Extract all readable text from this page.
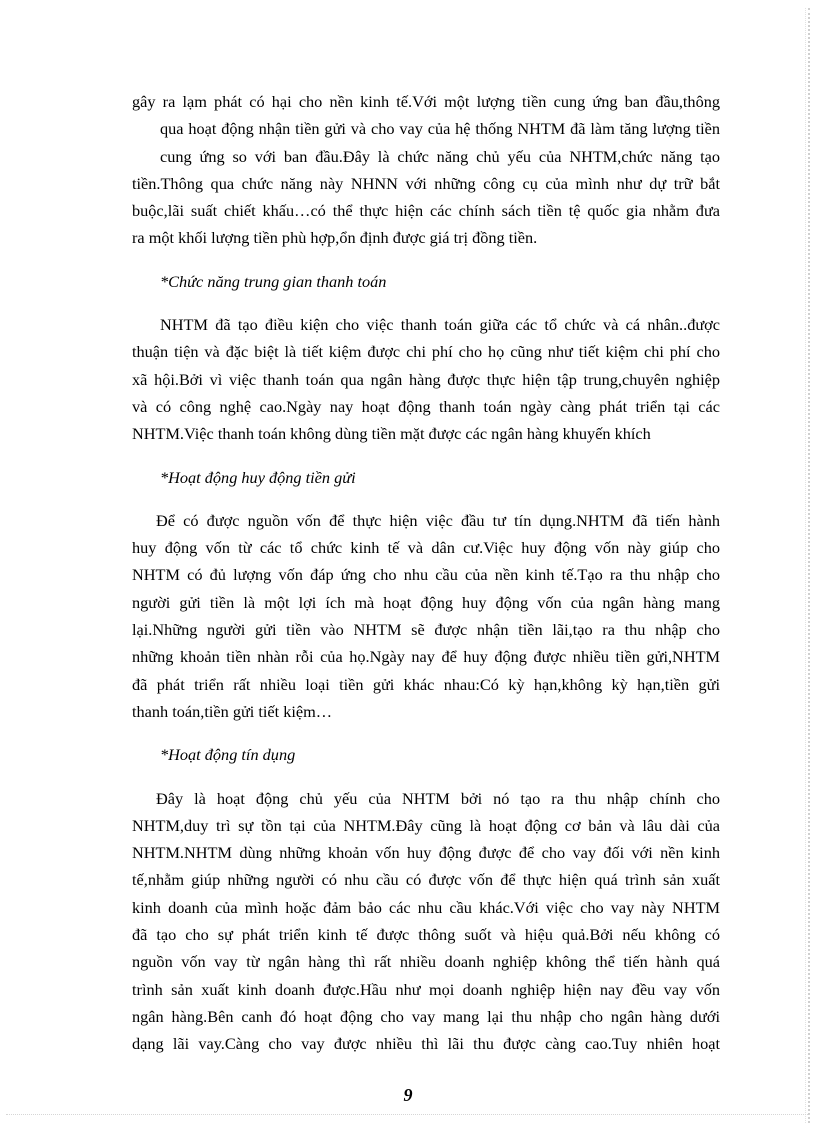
gây ra lạm phát có hại cho nền kinh tế.Với một lượng tiền cung ứng ban đầu,thông
qua hoạt động nhận tiền gửi và cho vay của hệ thống NHTM đã làm tăng lượng tiền
cung ứng so với ban đầu.Đây là chức năng chủ yếu của NHTM,chức năng tạo
tiền.Thông qua chức năng này NHNN với những công cụ của mình như dự trữ bắt
buộc,lãi suất chiết khấu…có thể thực hiện các chính sách tiền tệ quốc gia nhằm đưa
ra một khối lượng tiền phù hợp,ổn định được giá trị đồng tiền.
*Chức năng trung gian thanh toán
NHTM đã tạo điều kiện cho việc thanh toán giữa các tổ chức và cá nhân..được
thuận tiện và đặc biệt là tiết kiệm được chi phí cho họ cũng như tiết kiệm chi phí cho
xã hội.Bởi vì việc thanh toán qua ngân hàng được thực hiện tập trung,chuyên nghiệp
và có công nghệ cao.Ngày nay hoạt động thanh toán ngày càng phát triển tại các
NHTM.Việc thanh toán không dùng tiền mặt được các ngân hàng khuyến khích
*Hoạt động huy động tiền gửi
Để có được nguồn vốn để thực hiện việc đầu tư tín dụng.NHTM đã tiến hành
huy động vốn từ các tổ chức kinh tế và dân cư.Việc huy động vốn này giúp cho
NHTM có đủ lượng vốn đáp ứng cho nhu cầu của nền kinh tế.Tạo ra thu nhập cho
người gửi tiền là một lợi ích mà hoạt động huy động vốn của ngân hàng mang
lại.Những người gửi tiền vào NHTM sẽ được nhận tiền lãi,tạo ra thu nhập cho
những khoản tiền nhàn rỗi của họ.Ngày nay để huy động được nhiều tiền gửi,NHTM
đã phát triển rất nhiều loại tiền gửi khác nhau:Có kỳ hạn,không kỳ hạn,tiền gửi
thanh toán,tiền gửi tiết kiệm…
*Hoạt động tín dụng
Đây là hoạt động chủ yếu của NHTM bởi nó tạo ra thu nhập chính cho
NHTM,duy trì sự tồn tại của NHTM.Đây cũng là hoạt động cơ bản và lâu dài của
NHTM.NHTM dùng những khoản vốn huy động được để cho vay đối với nền kinh
tế,nhằm giúp những người có nhu cầu có được vốn để thực hiện quá trình sản xuất
kinh doanh của mình hoặc đảm bảo các nhu cầu khác.Với việc cho vay này NHTM
đã tạo cho sự phát triển kinh tế được thông suốt và hiệu quả.Bởi nếu không có
nguồn vốn vay từ ngân hàng thì rất nhiều doanh nghiệp không thể tiến hành quá
trình sản xuất kinh doanh được.Hầu như mọi doanh nghiệp hiện nay đều vay vốn
ngân hàng.Bên canh đó hoạt động cho vay mang lại thu nhập cho ngân hàng dưới
dạng lãi vay.Càng cho vay được nhiều thì lãi thu được càng cao.Tuy nhiên hoạt
9
